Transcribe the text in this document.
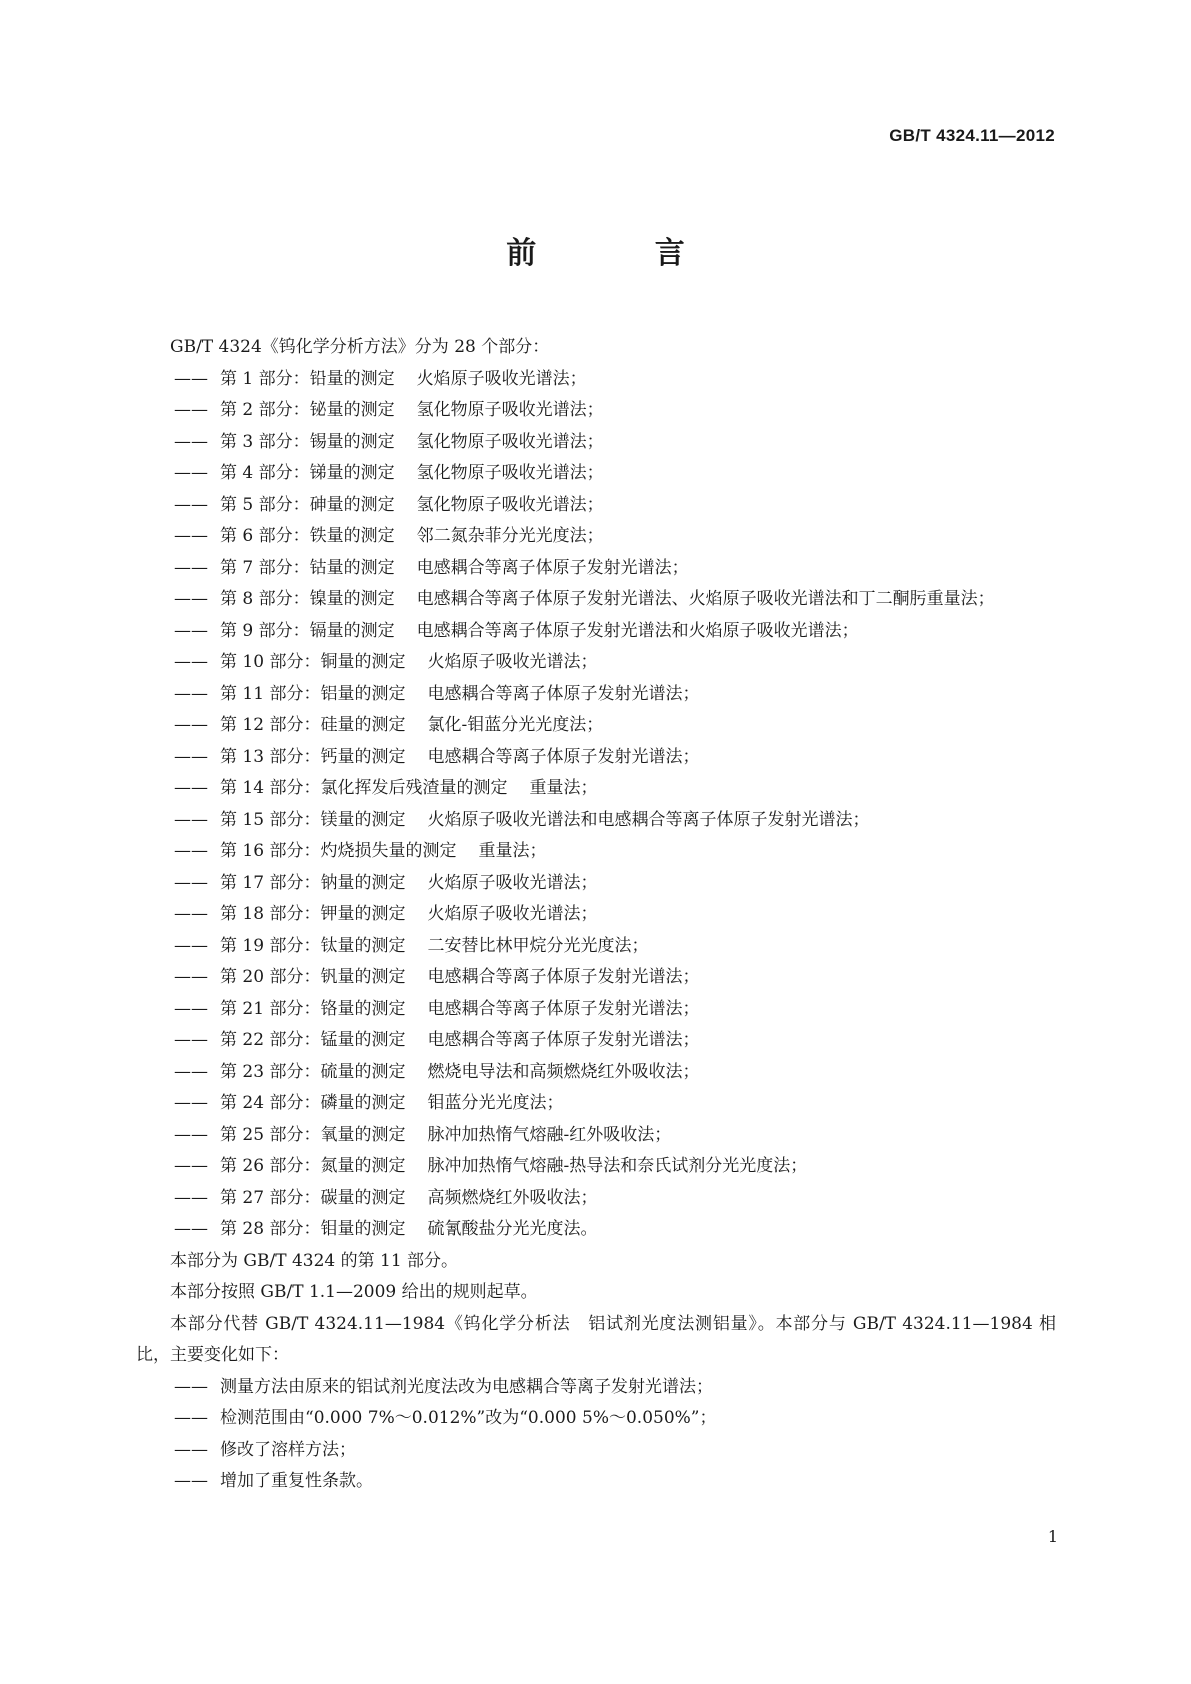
GB/T 4324.11—2012
前 言

GB/T 4324《钨化学分析方法》分为 28 个部分：

—— 第 1 部分：铅量的测定 火焰原子吸收光谱法；

—— 第 2 部分：铋量的测定 氢化物原子吸收光谱法；

—— 第 3 部分：锡量的测定 氢化物原子吸收光谱法；

—— 第 4 部分：锑量的测定 氢化物原子吸收光谱法；

—— 第 5 部分：砷量的测定 氢化物原子吸收光谱法；

—— 第 6 部分：铁量的测定 邻二氮杂菲分光光度法；

—— 第 7 部分：钴量的测定 电感耦合等离子体原子发射光谱法；

—— 第 8 部分：镍量的测定 电感耦合等离子体原子发射光谱法、火焰原子吸收光谱法和丁二酮肟重量法；

—— 第 9 部分：镉量的测定 电感耦合等离子体原子发射光谱法和火焰原子吸收光谱法；

—— 第 10 部分：铜量的测定 火焰原子吸收光谱法；

—— 第 11 部分：铝量的测定 电感耦合等离子体原子发射光谱法；

—— 第 12 部分：硅量的测定 氯化-钼蓝分光光度法；

—— 第 13 部分：钙量的测定 电感耦合等离子体原子发射光谱法；

—— 第 14 部分：氯化挥发后残渣量的测定 重量法；

—— 第 15 部分：镁量的测定 火焰原子吸收光谱法和电感耦合等离子体原子发射光谱法；

—— 第 16 部分：灼烧损失量的测定 重量法；

—— 第 17 部分：钠量的测定 火焰原子吸收光谱法；

—— 第 18 部分：钾量的测定 火焰原子吸收光谱法；

—— 第 19 部分：钛量的测定 二安替比林甲烷分光光度法；

—— 第 20 部分：钒量的测定 电感耦合等离子体原子发射光谱法；

—— 第 21 部分：铬量的测定 电感耦合等离子体原子发射光谱法；

—— 第 22 部分：锰量的测定 电感耦合等离子体原子发射光谱法；

—— 第 23 部分：硫量的测定 燃烧电导法和高频燃烧红外吸收法；

—— 第 24 部分：磷量的测定 钼蓝分光光度法；

—— 第 25 部分：氧量的测定 脉冲加热惰气熔融-红外吸收法；

—— 第 26 部分：氮量的测定 脉冲加热惰气熔融-热导法和奈氏试剂分光光度法；

—— 第 27 部分：碳量的测定 高频燃烧红外吸收法；

—— 第 28 部分：钼量的测定 硫氰酸盐分光光度法。

本部分为 GB/T 4324 的第 11 部分。

本部分按照 GB/T 1.1—2009 给出的规则起草。

本部分代替 GB/T 4324.11—1984《钨化学分析法　铝试剂光度法测铝量》。本部分与 GB/T 4324.11—1984 相比，主要变化如下：

—— 测量方法由原来的铝试剂光度法改为电感耦合等离子发射光谱法；

—— 检测范围由“0.000 7%～0.012%”改为“0.000 5%～0.050%”；

—— 修改了溶样方法；

—— 增加了重复性条款。

1
